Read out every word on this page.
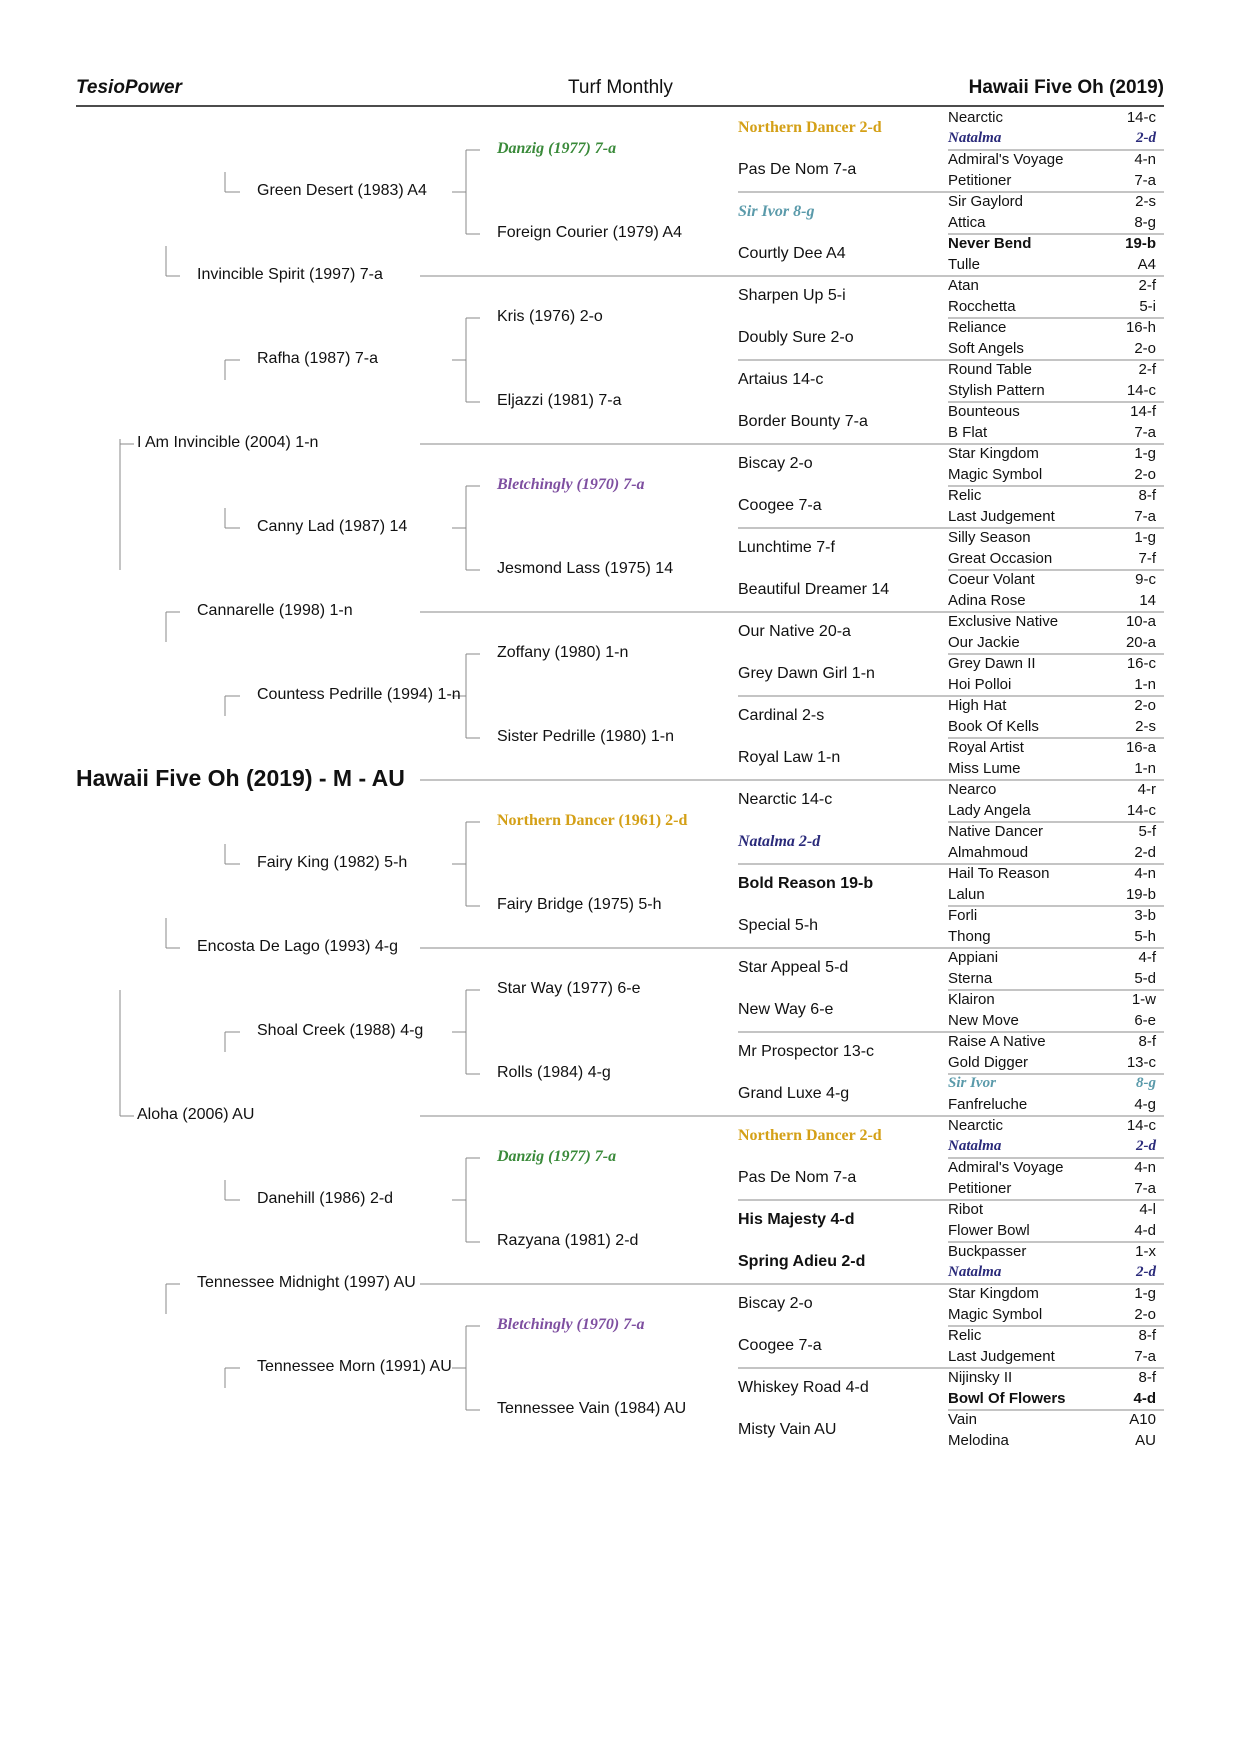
TesioPower	Turf Monthly	Hawaii Five Oh (2019)
Hawaii Five Oh (2019) - M - AU
Nearctic	14-c
Natalma	2-d
Admiral's Voyage	4-n
Petitioner	7-a
Sir Gaylord	2-s
Attica	8-g
Never Bend	19-b
Tulle	A4
Atan	2-f
Rocchetta	5-i
Reliance	16-h
Soft Angels	2-o
Round Table	2-f
Stylish Pattern	14-c
Bounteous	14-f
B Flat	7-a
Star Kingdom	1-g
Magic Symbol	2-o
Relic	8-f
Last Judgement	7-a
Silly Season	1-g
Great Occasion	7-f
Coeur Volant	9-c
Adina Rose	14
Exclusive Native	10-a
Our Jackie	20-a
Grey Dawn II	16-c
Hoi Polloi	1-n
High Hat	2-o
Book Of Kells	2-s
Royal Artist	16-a
Miss Lume	1-n
Nearco	4-r
Lady Angela	14-c
Native Dancer	5-f
Almahmoud	2-d
Hail To Reason	4-n
Lalun	19-b
Forli	3-b
Thong	5-h
Appiani	4-f
Sterna	5-d
Klairon	1-w
New Move	6-e
Raise A Native	8-f
Gold Digger	13-c
Sir Ivor	8-g
Fanfreluche	4-g
Nearctic	14-c
Natalma	2-d
Admiral's Voyage	4-n
Petitioner	7-a
Ribot	4-l
Flower Bowl	4-d
Buckpasser	1-x
Natalma	2-d
Star Kingdom	1-g
Magic Symbol	2-o
Relic	8-f
Last Judgement	7-a
Nijinsky II	8-f
Bowl Of Flowers	4-d
Vain	A10
Melodina	AU
Northern Dancer 2-d
Pas De Nom 7-a
Sir Ivor 8-g
Courtly Dee A4
Sharpen Up 5-i
Doubly Sure 2-o
Artaius 14-c
Border Bounty 7-a
Biscay 2-o
Coogee 7-a
Lunchtime 7-f
Beautiful Dreamer 14
Our Native 20-a
Grey Dawn Girl 1-n
Cardinal 2-s
Royal Law 1-n
Nearctic 14-c
Natalma 2-d
Bold Reason 19-b
Special 5-h
Star Appeal 5-d
New Way 6-e
Mr Prospector 13-c
Grand Luxe 4-g
Northern Dancer 2-d
Pas De Nom 7-a
His Majesty 4-d
Spring Adieu 2-d
Biscay 2-o
Coogee 7-a
Whiskey Road 4-d
Misty Vain AU
Danzig (1977) 7-a
Foreign Courier (1979) A4
Kris (1976) 2-o
Eljazzi (1981) 7-a
Bletchingly (1970) 7-a
Jesmond Lass (1975) 14
Zoffany (1980) 1-n
Sister Pedrille (1980) 1-n
Northern Dancer (1961) 2-d
Fairy Bridge (1975) 5-h
Star Way (1977) 6-e
Rolls (1984) 4-g
Danzig (1977) 7-a
Razyana (1981) 2-d
Bletchingly (1970) 7-a
Tennessee Vain (1984) AU
Green Desert (1983) A4
Rafha (1987) 7-a
Canny Lad (1987) 14
Countess Pedrille (1994) 1-n
Fairy King (1982) 5-h
Shoal Creek (1988) 4-g
Danehill (1986) 2-d
Tennessee Morn (1991) AU
Invincible Spirit (1997) 7-a
Cannarelle (1998) 1-n
Encosta De Lago (1993) 4-g
Tennessee Midnight (1997) AU
I Am Invincible (2004) 1-n
Aloha (2006) AU
